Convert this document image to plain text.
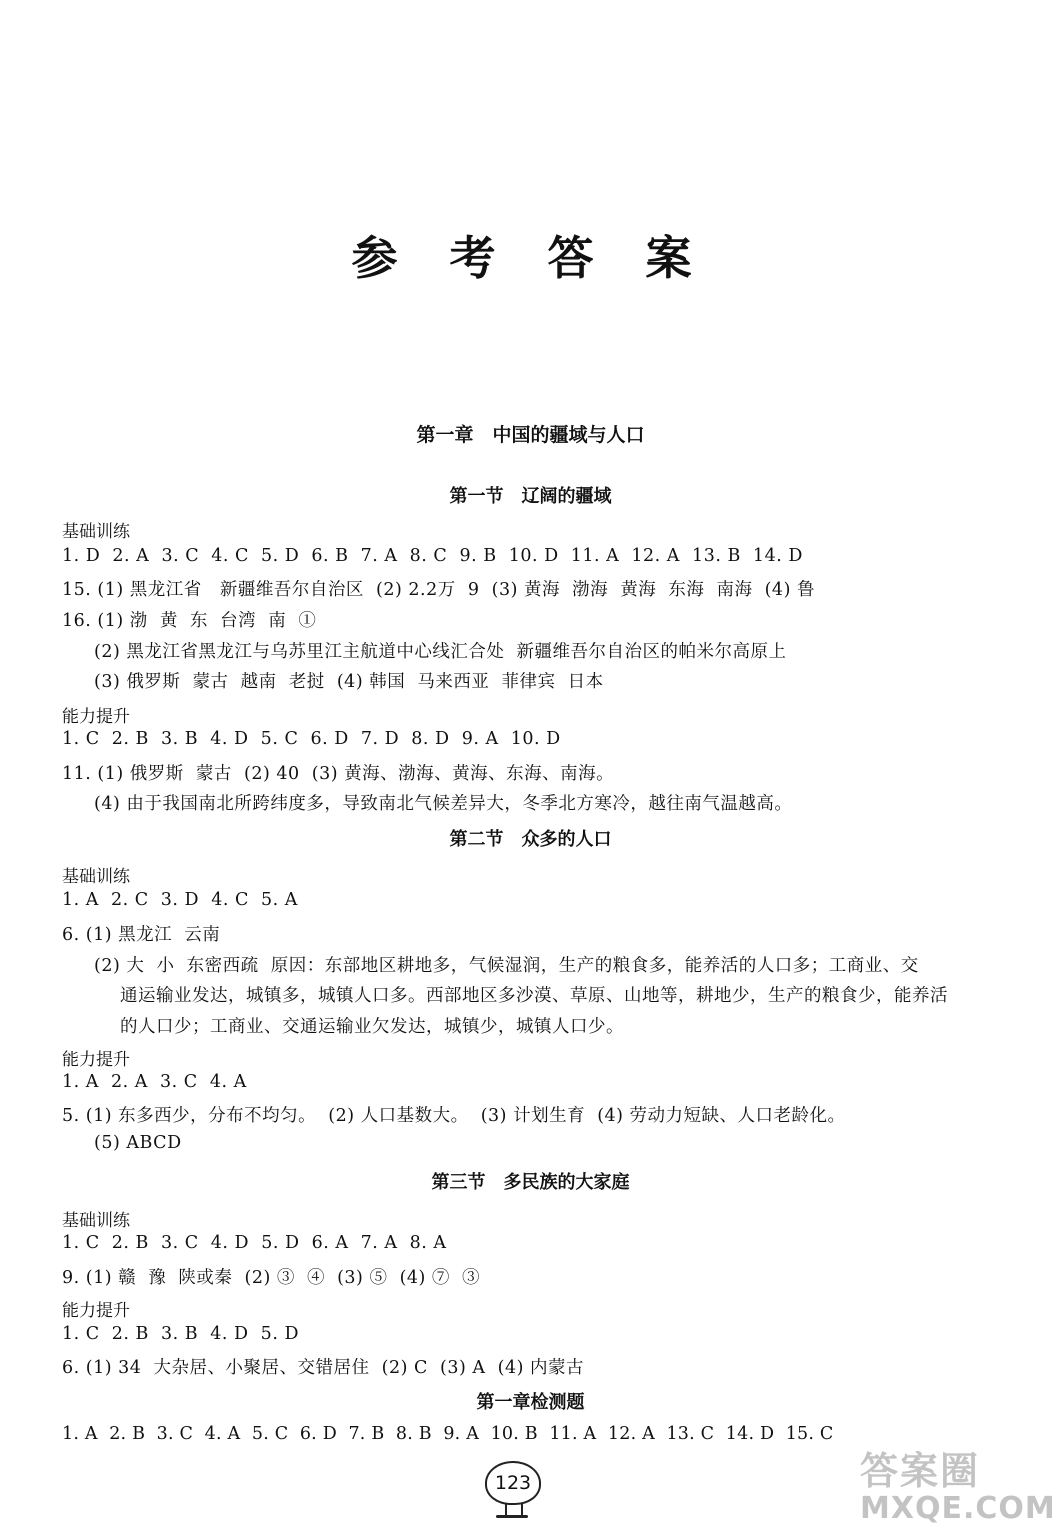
参 考 答 案
第一章　中国的疆域与人口
第一节　辽阔的疆域
基础训练
1. D  2. A  3. C  4. C  5. D  6. B  7. A  8. C  9. B  10. D  11. A  12. A  13. B  14. D
15. (1) 黑龙江省   新疆维吾尔自治区  (2) 2.2万  9  (3) 黄海  渤海  黄海  东海  南海  (4) 鲁
16. (1) 渤  黄  东  台湾  南  ①
(2) 黑龙江省黑龙江与乌苏里江主航道中心线汇合处  新疆维吾尔自治区的帕米尔高原上
(3) 俄罗斯  蒙古  越南  老挝  (4) 韩国  马来西亚  菲律宾  日本
能力提升
1. C  2. B  3. B  4. D  5. C  6. D  7. D  8. D  9. A  10. D
11. (1) 俄罗斯  蒙古  (2) 40  (3) 黄海、渤海、黄海、东海、南海。
(4) 由于我国南北所跨纬度多，导致南北气候差异大，冬季北方寒冷，越往南气温越高。
第二节　众多的人口
基础训练
1. A  2. C  3. D  4. C  5. A
6. (1) 黑龙江  云南
(2) 大  小  东密西疏  原因：东部地区耕地多，气候湿润，生产的粮食多，能养活的人口多；工商业、交
通运输业发达，城镇多，城镇人口多。西部地区多沙漠、草原、山地等，耕地少，生产的粮食少，能养活
的人口少；工商业、交通运输业欠发达，城镇少，城镇人口少。
能力提升
1. A  2. A  3. C  4. A
5. (1) 东多西少，分布不均匀。  (2) 人口基数大。  (3) 计划生育  (4) 劳动力短缺、人口老龄化。
(5) ABCD
第三节　多民族的大家庭
基础训练
1. C  2. B  3. C  4. D  5. D  6. A  7. A  8. A
9. (1) 赣  豫  陕或秦  (2) ③  ④  (3) ⑤  (4) ⑦  ③
能力提升
1. C  2. B  3. B  4. D  5. D
6. (1) 34  大杂居、小聚居、交错居住  (2) C  (3) A  (4) 内蒙古
第一章检测题
1. A  2. B  3. C  4. A  5. C  6. D  7. B  8. B  9. A  10. B  11. A  12. A  13. C  14. D  15. C
123	答案圈
MXQE.COM
